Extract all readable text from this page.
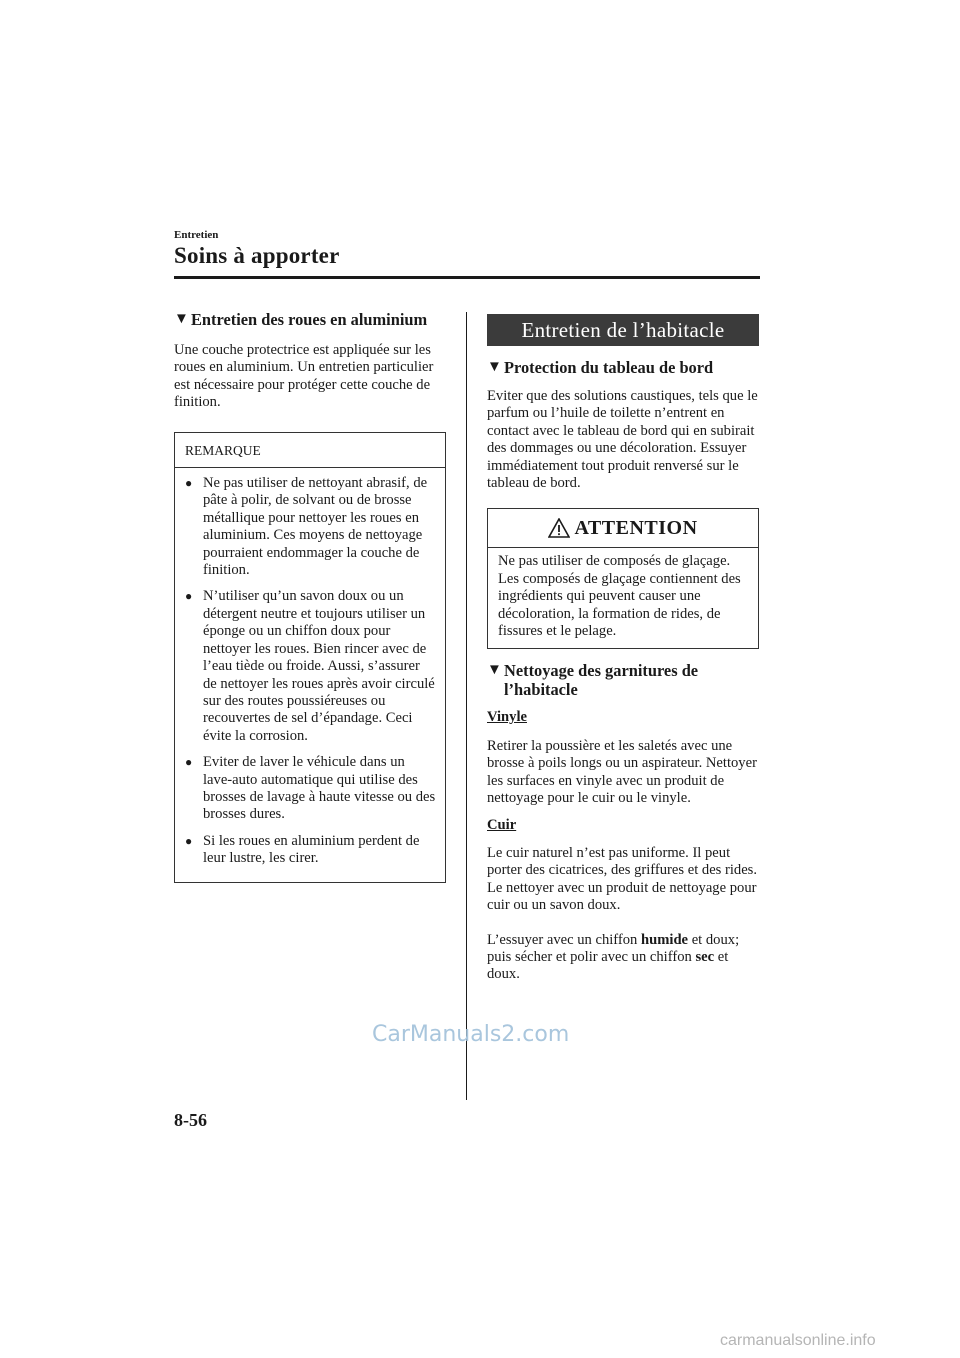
Entretien
Soins à apporter
▼ Entretien des roues en aluminium

Une couche protectrice est appliquée sur les roues en aluminium. Un entretien particulier est nécessaire pour protéger cette couche de finition.

REMARQUE
● Ne pas utiliser de nettoyant abrasif, de pâte à polir, de solvant ou de brosse métallique pour nettoyer les roues en aluminium. Ces moyens de nettoyage pourraient endommager la couche de finition.
● N’utiliser qu’un savon doux ou un détergent neutre et toujours utiliser un éponge ou un chiffon doux pour nettoyer les roues. Bien rincer avec de l’eau tiède ou froide. Aussi, s’assurer de nettoyer les roues après avoir circulé sur des routes poussiéreuses ou recouvertes de sel d’épandage. Ceci évite la corrosion.
● Eviter de laver le véhicule dans un lave-auto automatique qui utilise des brosses de lavage à haute vitesse ou des brosses dures.
● Si les roues en aluminium perdent de leur lustre, les cirer.
Entretien de l’habitacle
▼ Protection du tableau de bord

Eviter que des solutions caustiques, tels que le parfum ou l’huile de toilette n’entrent en contact avec le tableau de bord qui en subirait des dommages ou une décoloration. Essuyer immédiatement tout produit renversé sur le tableau de bord.

ATTENTION

Ne pas utiliser de composés de glaçage.

Les composés de glaçage contiennent des ingrédients qui peuvent causer une décoloration, la formation de rides, de fissures et le pelage.

▼ Nettoyage des garnitures de l’habitacle
Vinyle

Retirer la poussière et les saletés avec une brosse à poils longs ou un aspirateur. Nettoyer les surfaces en vinyle avec un produit de nettoyage pour le cuir ou le vinyle.

Cuir

Le cuir naturel n’est pas uniforme. Il peut porter des cicatrices, des griffures et des rides. Le nettoyer avec un produit de nettoyage pour cuir ou un savon doux.

L’essuyer avec un chiffon humide et doux; puis sécher et polir avec un chiffon sec et doux.

CarManuals2.com
8-56
carmanualsonline.info
